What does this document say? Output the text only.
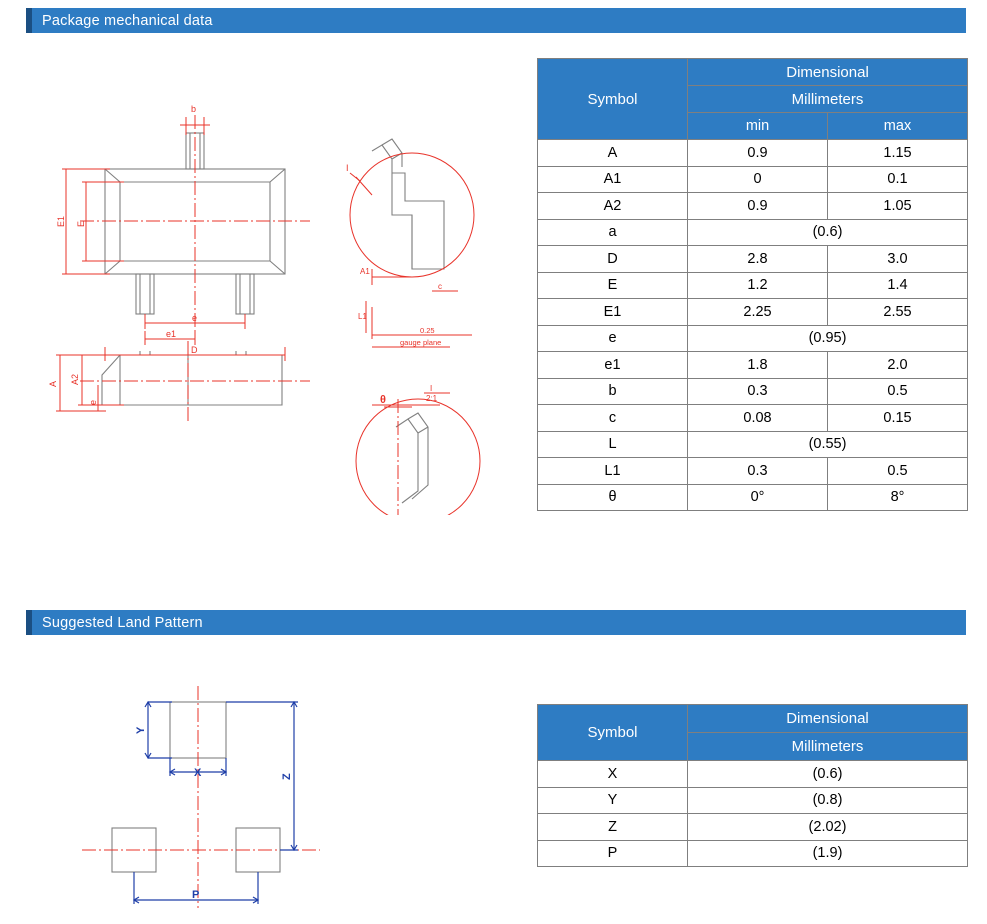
Package mechanical data
b
E1 E
e
e1
D
A A2
e
I
A1
c
L1
0.25
gauge plane
θ
I
2:1
Symbol	Dimensional	
	Millimeters	
	min	max
A	0.9	1.15
A1	0	0.1
A2	0.9	1.05
a	(0.6)	
D	2.8	3.0
E	1.2	1.4
E1	2.25	2.55
e	(0.95)	
e1	1.8	2.0
b	0.3	0.5
c	0.08	0.15
L	(0.55)	
L1	0.3	0.5
θ	0°	8°
Suggested Land Pattern
Y
X	Z
P
Symbol	Dimensional
	Millimeters
X	(0.6)
Y	(0.8)
Z	(2.02)
P	(1.9)
